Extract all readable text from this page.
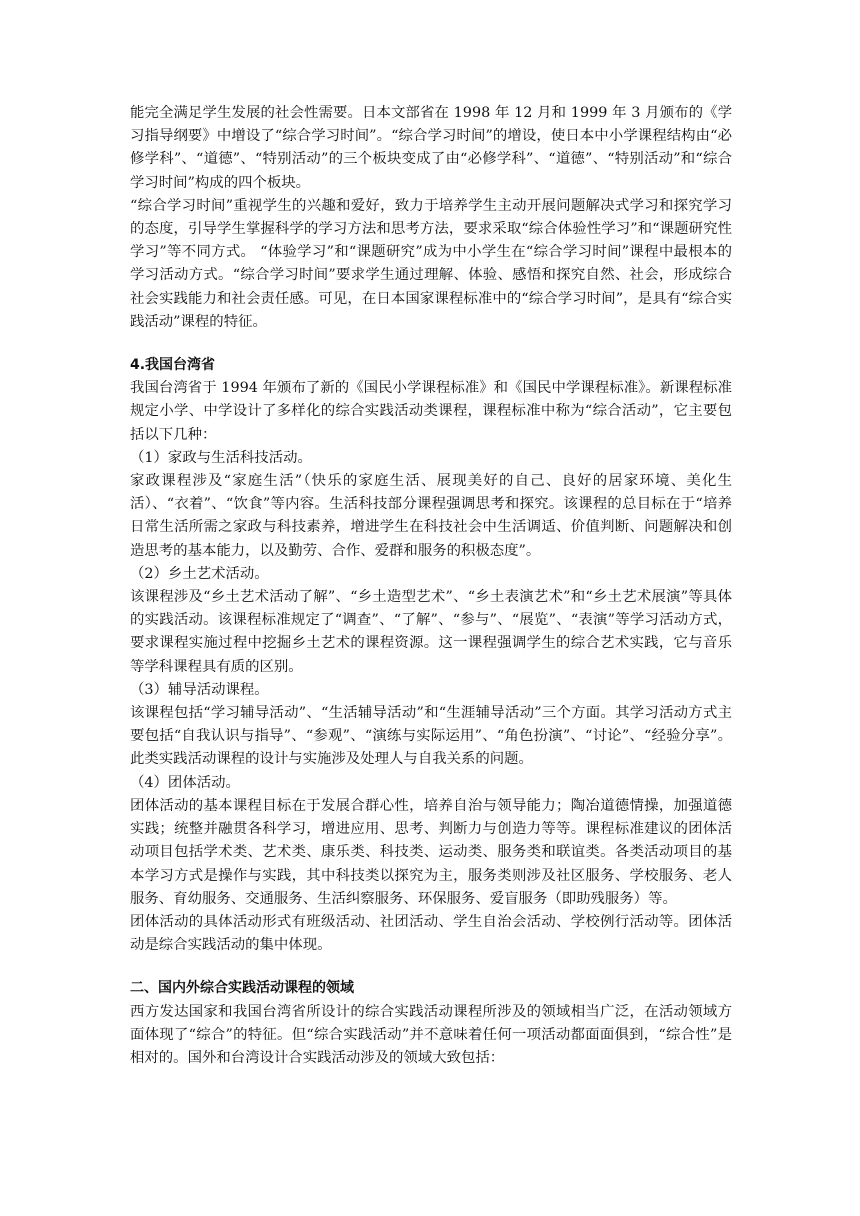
能完全满足学生发展的社会性需要。日本文部省在 1998 年 12 月和 1999 年 3 月颁布的《学习指导纲要》中增设了“综合学习时间”。“综合学习时间”的增设，使日本中小学课程结构由“必修学科”、“道德”、“特别活动”的三个板块变成了由“必修学科”、“道德”、“特别活动”和“综合学习时间”构成的四个板块。

“综合学习时间”重视学生的兴趣和爱好，致力于培养学生主动开展问题解决式学习和探究学习的态度，引导学生掌握科学的学习方法和思考方法，要求采取“综合体验性学习”和“课题研究性学习”等不同方式。 “体验学习”和“课题研究”成为中小学生在“综合学习时间”课程中最根本的学习活动方式。“综合学习时间”要求学生通过理解、体验、感悟和探究自然、社会，形成综合社会实践能力和社会责任感。可见，在日本国家课程标准中的“综合学习时间”，是具有“综合实践活动”课程的特征。

4.我国台湾省

我国台湾省于 1994 年颁布了新的《国民小学课程标准》和《国民中学课程标准》。新课程标准规定小学、中学设计了多样化的综合实践活动类课程，课程标准中称为“综合活动”，它主要包括以下几种：

（1）家政与生活科技活动。

家政课程涉及“家庭生活”（快乐的家庭生活、展现美好的自己、良好的居家环境、美化生活）、“衣着”、“饮食”等内容。生活科技部分课程强调思考和探究。该课程的总目标在于“培养日常生活所需之家政与科技素养，增进学生在科技社会中生活调适、价值判断、问题解决和创造思考的基本能力，以及勤劳、合作、爱群和服务的积极态度”。

（2）乡土艺术活动。

该课程涉及“乡土艺术活动了解”、“乡土造型艺术”、“乡土表演艺术”和“乡土艺术展演”等具体的实践活动。该课程标准规定了“调查”、“了解”、“参与”、“展览”、“表演”等学习活动方式，要求课程实施过程中挖掘乡土艺术的课程资源。这一课程强调学生的综合艺术实践，它与音乐等学科课程具有质的区别。

（3）辅导活动课程。

该课程包括“学习辅导活动”、“生活辅导活动”和“生涯辅导活动”三个方面。其学习活动方式主要包括“自我认识与指导”、“参观”、“演练与实际运用”、“角色扮演”、“讨论”、“经验分享”。此类实践活动课程的设计与实施涉及处理人与自我关系的问题。

（4）团体活动。

团体活动的基本课程目标在于发展合群心性，培养自治与领导能力；陶冶道德情操，加强道德实践；统整并融贯各科学习，增进应用、思考、判断力与创造力等等。课程标准建议的团体活动项目包括学术类、艺术类、康乐类、科技类、运动类、服务类和联谊类。各类活动项目的基本学习方式是操作与实践，其中科技类以探究为主，服务类则涉及社区服务、学校服务、老人服务、育幼服务、交通服务、生活纠察服务、环保服务、爱盲服务（即助残服务）等。

团体活动的具体活动形式有班级活动、社团活动、学生自治会活动、学校例行活动等。团体活动是综合实践活动的集中体现。

二、国内外综合实践活动课程的领域

西方发达国家和我国台湾省所设计的综合实践活动课程所涉及的领域相当广泛，在活动领域方面体现了“综合”的特征。但“综合实践活动”并不意味着任何一项活动都面面俱到，“综合性”是相对的。国外和台湾设计合实践活动涉及的领域大致包括：
